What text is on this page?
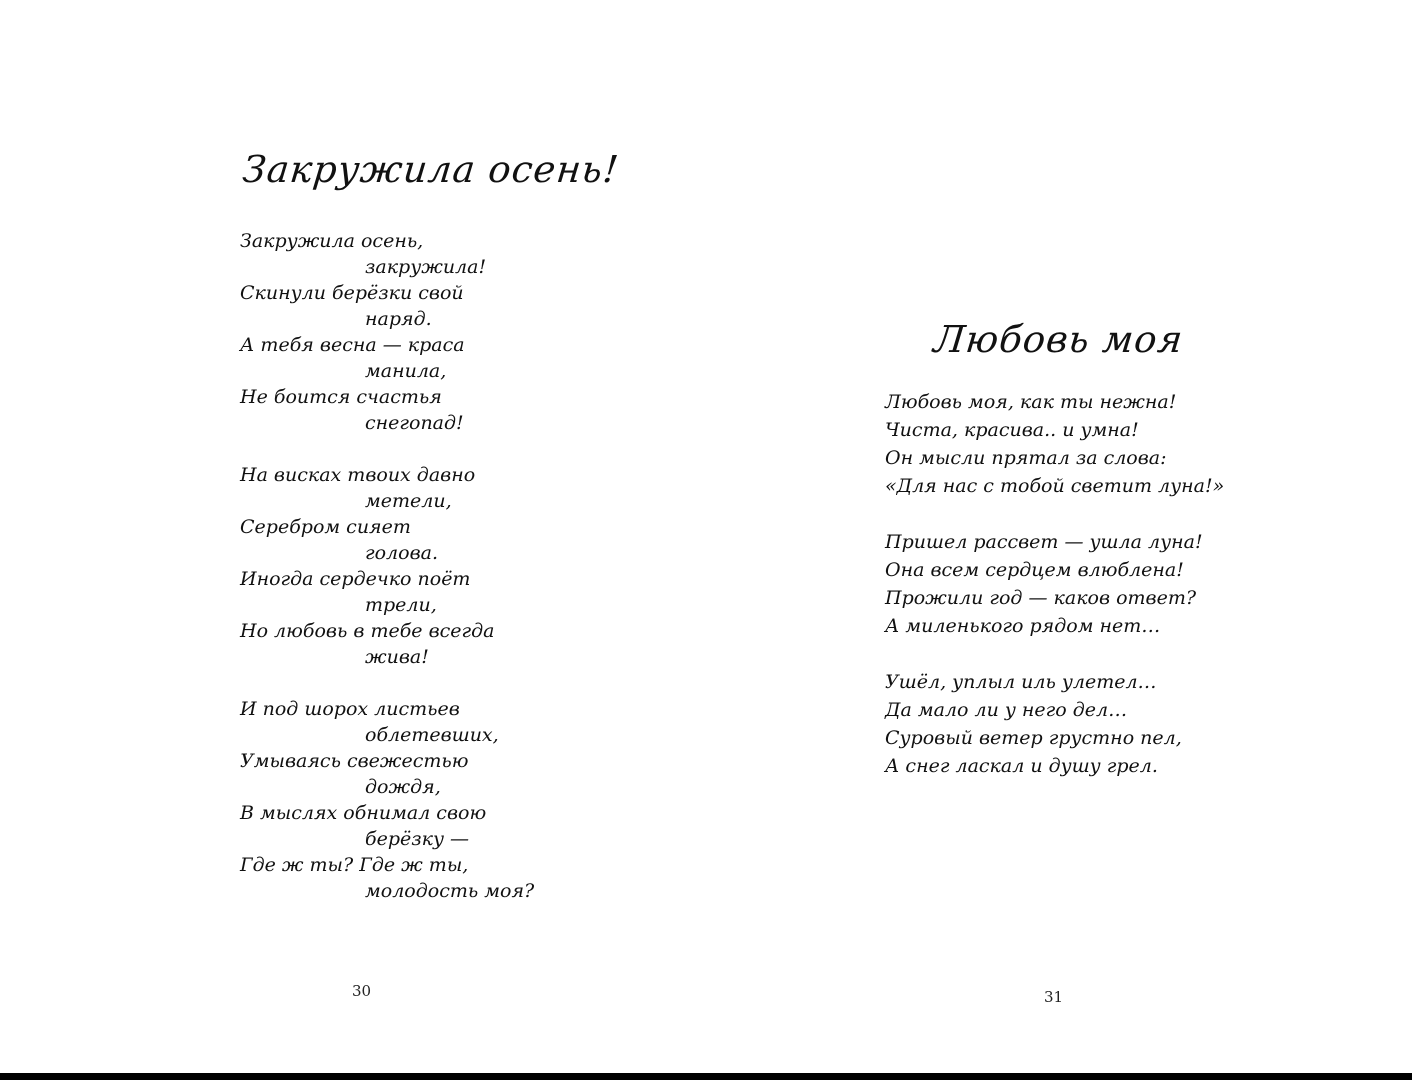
Закружила осень!
Закружила осень,
закружила!
Скинули берёзки свой
наряд.
А тебя весна — краса
манила,
Не боится счастья
снегопад!
На висках твоих давно
метели,
Серебром сияет
голова.
Иногда сердечко поёт
трели,
Но любовь в тебе всегда
жива!
И под шорох листьев
облетевших,
Умываясь свежестью
дождя,
В мыслях обнимал свою
берёзку —
Где ж ты? Где ж ты,
молодость моя?
30
Любовь моя
Любовь моя, как ты нежна!
Чиста, красива.. и умна!
Он мысли прятал за слова:
«Для нас с тобой светит луна!»
Пришел рассвет — ушла луна!
Она всем сердцем влюблена!
Прожили год — каков ответ?
А миленького рядом нет…
Ушёл, уплыл иль улетел…
Да мало ли у него дел…
Суровый ветер грустно пел,
А снег ласкал и душу грел.
31
